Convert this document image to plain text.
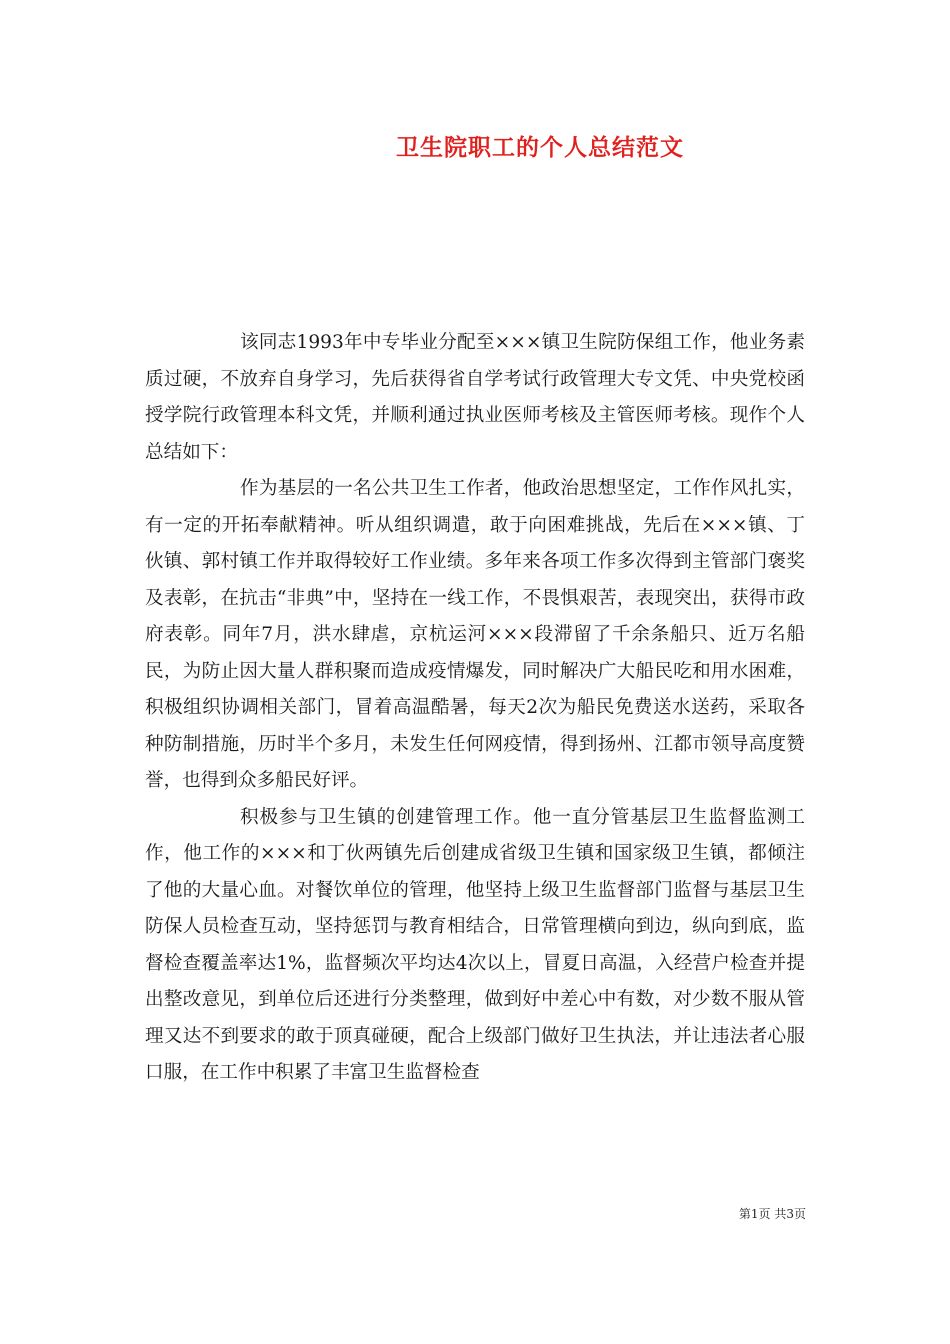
卫生院职工的个人总结范文

该同志1993年中专毕业分配至×××镇卫生院防保组工作，他业务素质过硬，不放弃自身学习，先后获得省自学考试行政管理大专文凭、中央党校函授学院行政管理本科文凭，并顺利通过执业医师考核及主管医师考核。现作个人总结如下：

作为基层的一名公共卫生工作者，他政治思想坚定，工作作风扎实，有一定的开拓奉献精神。听从组织调遣，敢于向困难挑战，先后在×××镇、丁伙镇、郭村镇工作并取得较好工作业绩。多年来各项工作多次得到主管部门褒奖及表彰，在抗击“非典”中，坚持在一线工作，不畏惧艰苦，表现突出，获得市政府表彰。同年7月，洪水肆虐，京杭运河×××段滞留了千余条船只、近万名船民，为防止因大量人群积聚而造成疫情爆发，同时解决广大船民吃和用水困难，积极组织协调相关部门，冒着高温酷暑，每天2次为船民免费送水送药，采取各种防制措施，历时半个多月，未发生任何网疫情，得到扬州、江都市领导高度赞誉，也得到众多船民好评。

积极参与卫生镇的创建管理工作。他一直分管基层卫生监督监测工作，他工作的×××和丁伙两镇先后创建成省级卫生镇和国家级卫生镇，都倾注了他的大量心血。对餐饮单位的管理，他坚持上级卫生监督部门监督与基层卫生防保人员检查互动，坚持惩罚与教育相结合，日常管理横向到边，纵向到底，监督检查覆盖率达1%，监督频次平均达4次以上，冒夏日高温，入经营户检查并提出整改意见，到单位后还进行分类整理，做到好中差心中有数，对少数不服从管理又达不到要求的敢于顶真碰硬，配合上级部门做好卫生执法，并让违法者心服口服，在工作中积累了丰富卫生监督检查

第1页 共3页
